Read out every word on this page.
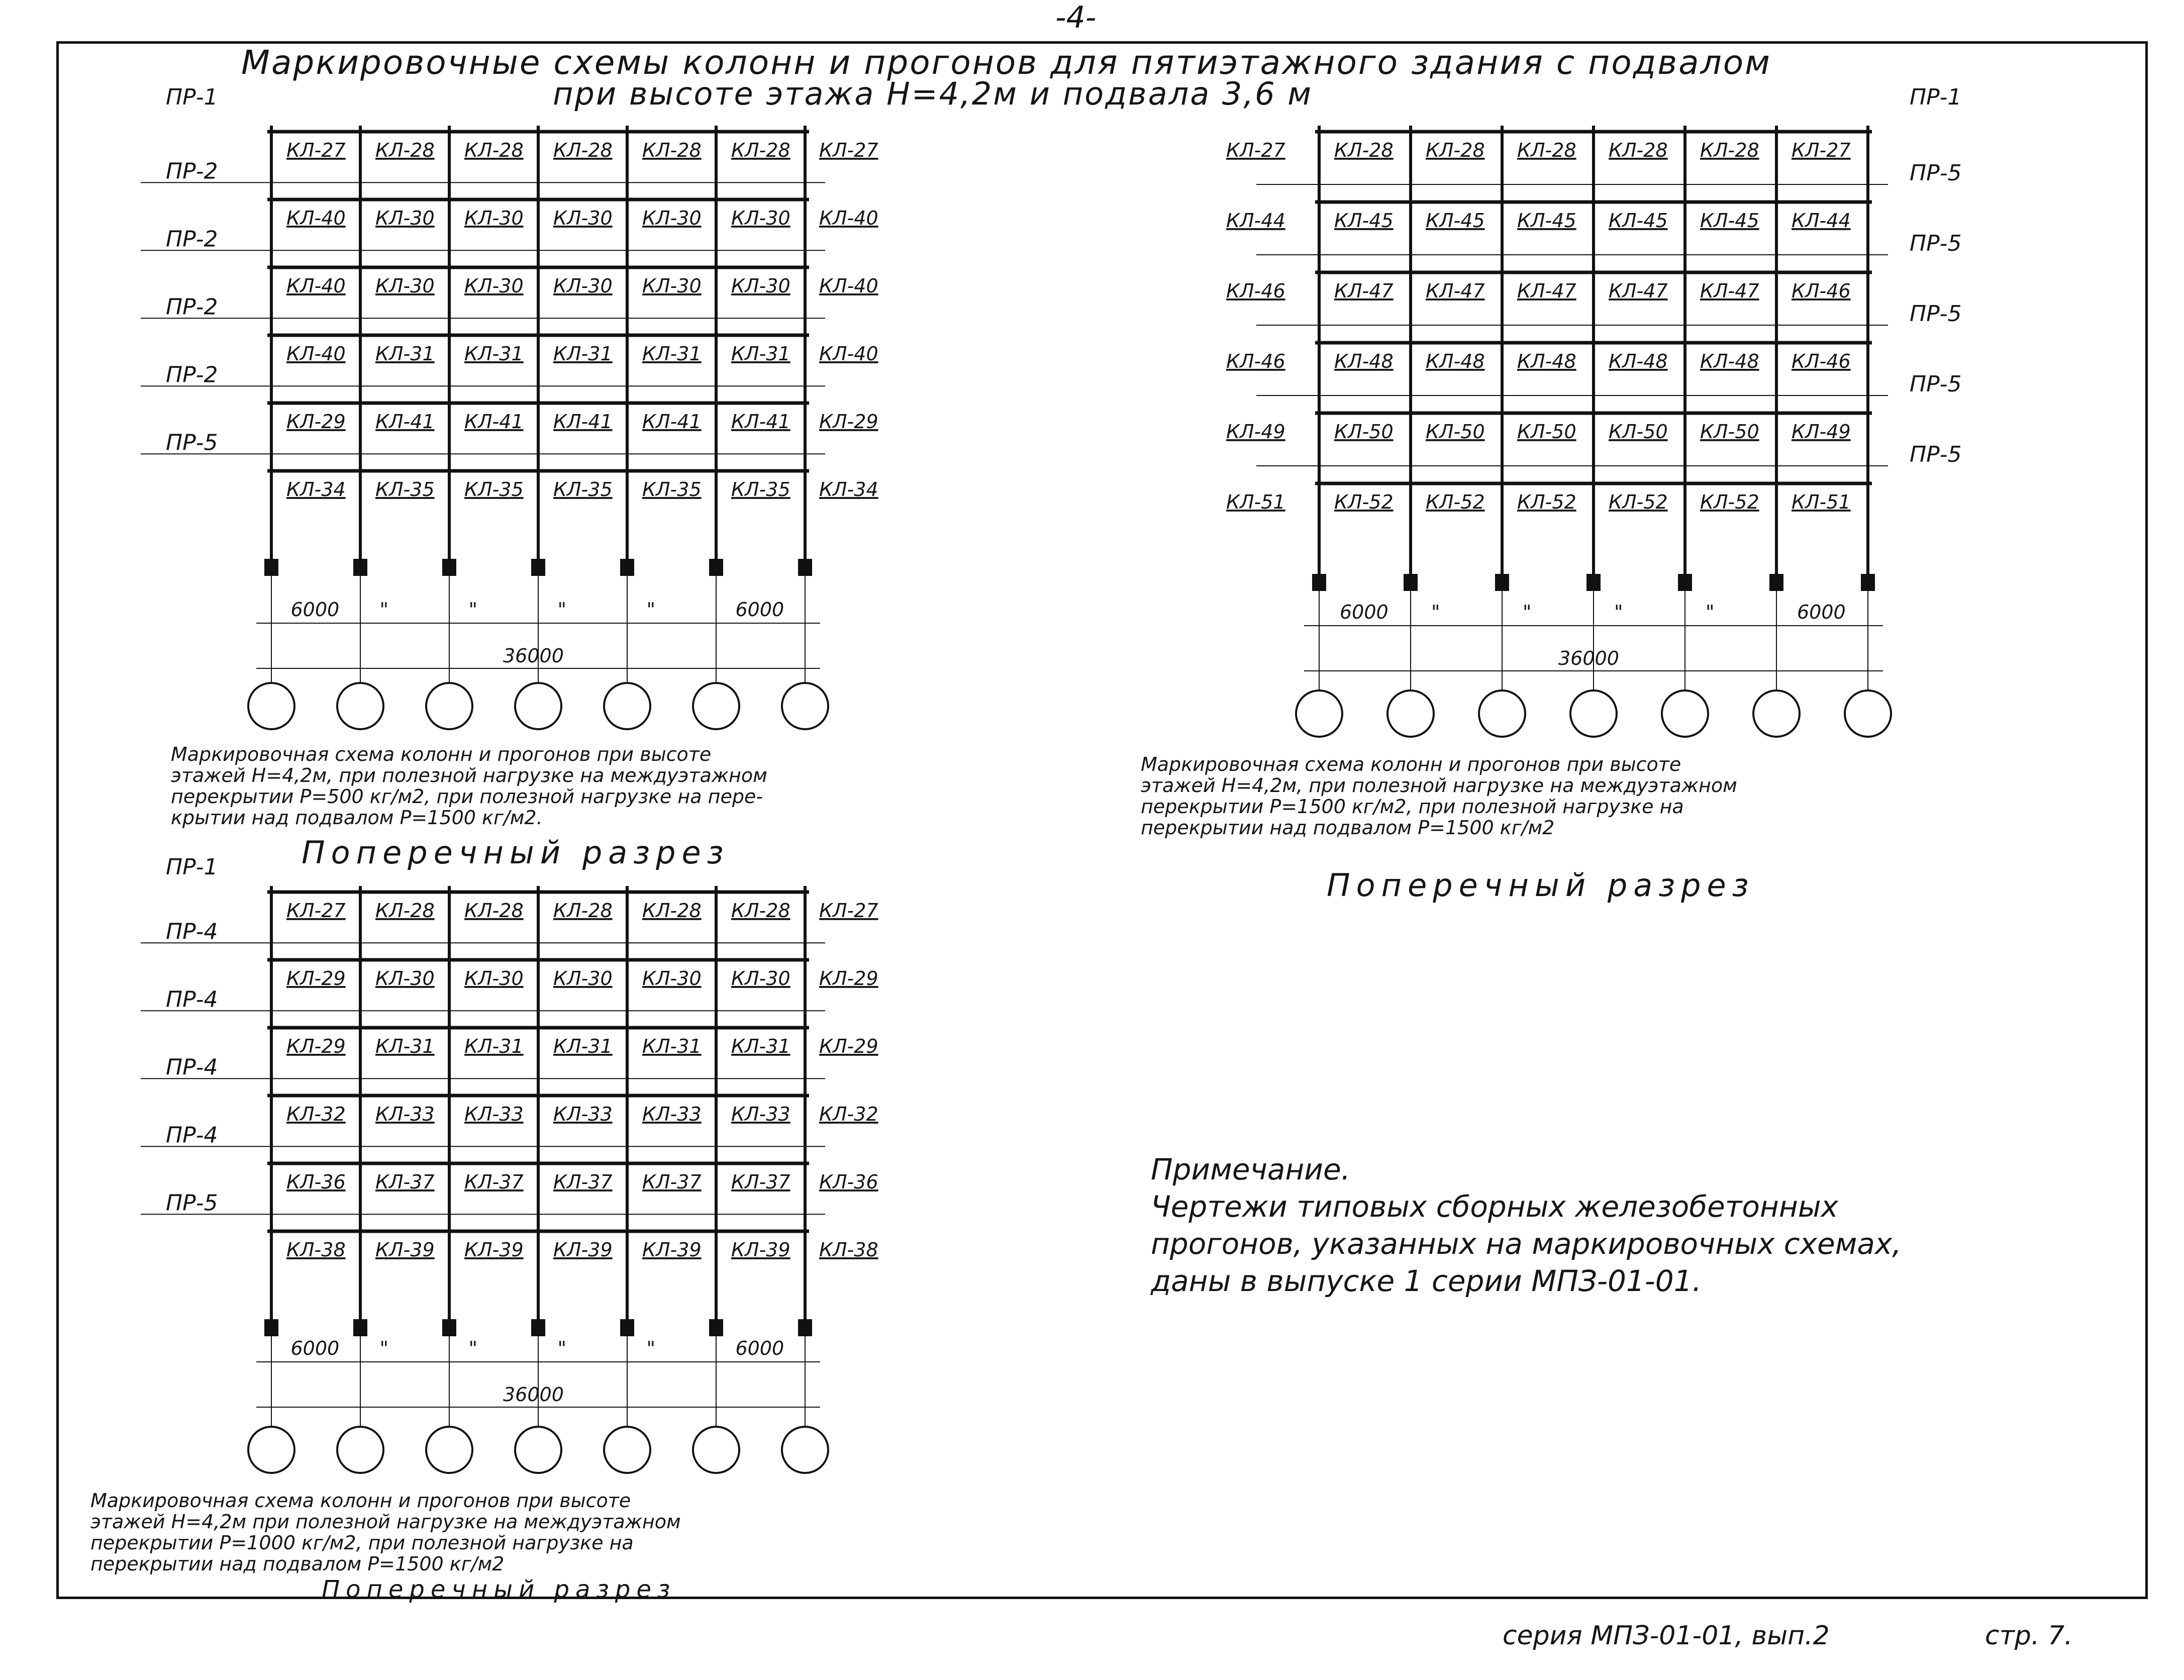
-4-
Маркировочные схемы колонн и прогонов для пятиэтажного здания с подвалом
при высоте этажа Н=4,2м и подвала 3,6 м
ПР-1	ПР-1
ПР-2
ПР-2
ПР-2
ПР-2
ПР-5
КЛ-27 КЛ-28 КЛ-28 КЛ-28 КЛ-28 КЛ-28 КЛ-27
КЛ-40 КЛ-30 КЛ-30 КЛ-30 КЛ-30 КЛ-30 КЛ-40
КЛ-40 КЛ-30 КЛ-30 КЛ-30 КЛ-30 КЛ-30 КЛ-40
КЛ-40 КЛ-31 КЛ-31 КЛ-31 КЛ-31 КЛ-31 КЛ-40
КЛ-29 КЛ-41 КЛ-41 КЛ-41 КЛ-41 КЛ-41 КЛ-29
КЛ-34 КЛ-35 КЛ-35 КЛ-35 КЛ-35 КЛ-35 КЛ-34
6000 "	"	"	"	6000
36000
ПР-5
ПР-5
ПР-5
ПР-5
ПР-5
КЛ-27	КЛ-28 КЛ-28 КЛ-28 КЛ-28 КЛ-28 КЛ-27
КЛ-44	КЛ-45 КЛ-45 КЛ-45 КЛ-45 КЛ-45 КЛ-44
КЛ-46	КЛ-47 КЛ-47 КЛ-47 КЛ-47 КЛ-47 КЛ-46
КЛ-46	КЛ-48 КЛ-48 КЛ-48 КЛ-48 КЛ-48 КЛ-46
КЛ-49	КЛ-50 КЛ-50 КЛ-50 КЛ-50 КЛ-50 КЛ-49
КЛ-51	КЛ-52 КЛ-52 КЛ-52 КЛ-52 КЛ-52 КЛ-51
6000 "	"	"	"	6000
36000
ПР-4
ПР-4
ПР-4
ПР-4
ПР-5
КЛ-27 КЛ-28 КЛ-28 КЛ-28 КЛ-28 КЛ-28 КЛ-27
КЛ-29 КЛ-30 КЛ-30 КЛ-30 КЛ-30 КЛ-30 КЛ-29
КЛ-29 КЛ-31 КЛ-31 КЛ-31 КЛ-31 КЛ-31 КЛ-29
КЛ-32 КЛ-33 КЛ-33 КЛ-33 КЛ-33 КЛ-33 КЛ-32
КЛ-36 КЛ-37 КЛ-37 КЛ-37 КЛ-37 КЛ-37 КЛ-36
КЛ-38 КЛ-39 КЛ-39 КЛ-39 КЛ-39 КЛ-39 КЛ-38
6000 "	"	"	"	6000
36000
Маркировочная схема колонн и прогонов при высоте
этажей Н=4,2м, при полезной нагрузке на междуэтажном
перекрытии Р=500 кг/м2, при полезной нагрузке на пере-
крытии над подвалом Р=1500 кг/м2.
Поперечный разрез
Маркировочная схема колонн и прогонов при высоте
этажей Н=4,2м, при полезной нагрузке на междуэтажном
перекрытии Р=1500 кг/м2, при полезной нагрузке на
перекрытии над подвалом Р=1500 кг/м2
Поперечный разрез
ПР-1
Маркировочная схема колонн и прогонов при высоте
этажей Н=4,2м при полезной нагрузке на междуэтажном
перекрытии Р=1000 кг/м2, при полезной нагрузке на
перекрытии над подвалом Р=1500 кг/м2
Поперечный разрез
Примечание.
Чертежи типовых сборных железобетонных
прогонов, указанных на маркировочных схемах,
даны в выпуске 1 серии МПЗ-01-01.
серия МПЗ-01-01, вып.2	стр. 7.
